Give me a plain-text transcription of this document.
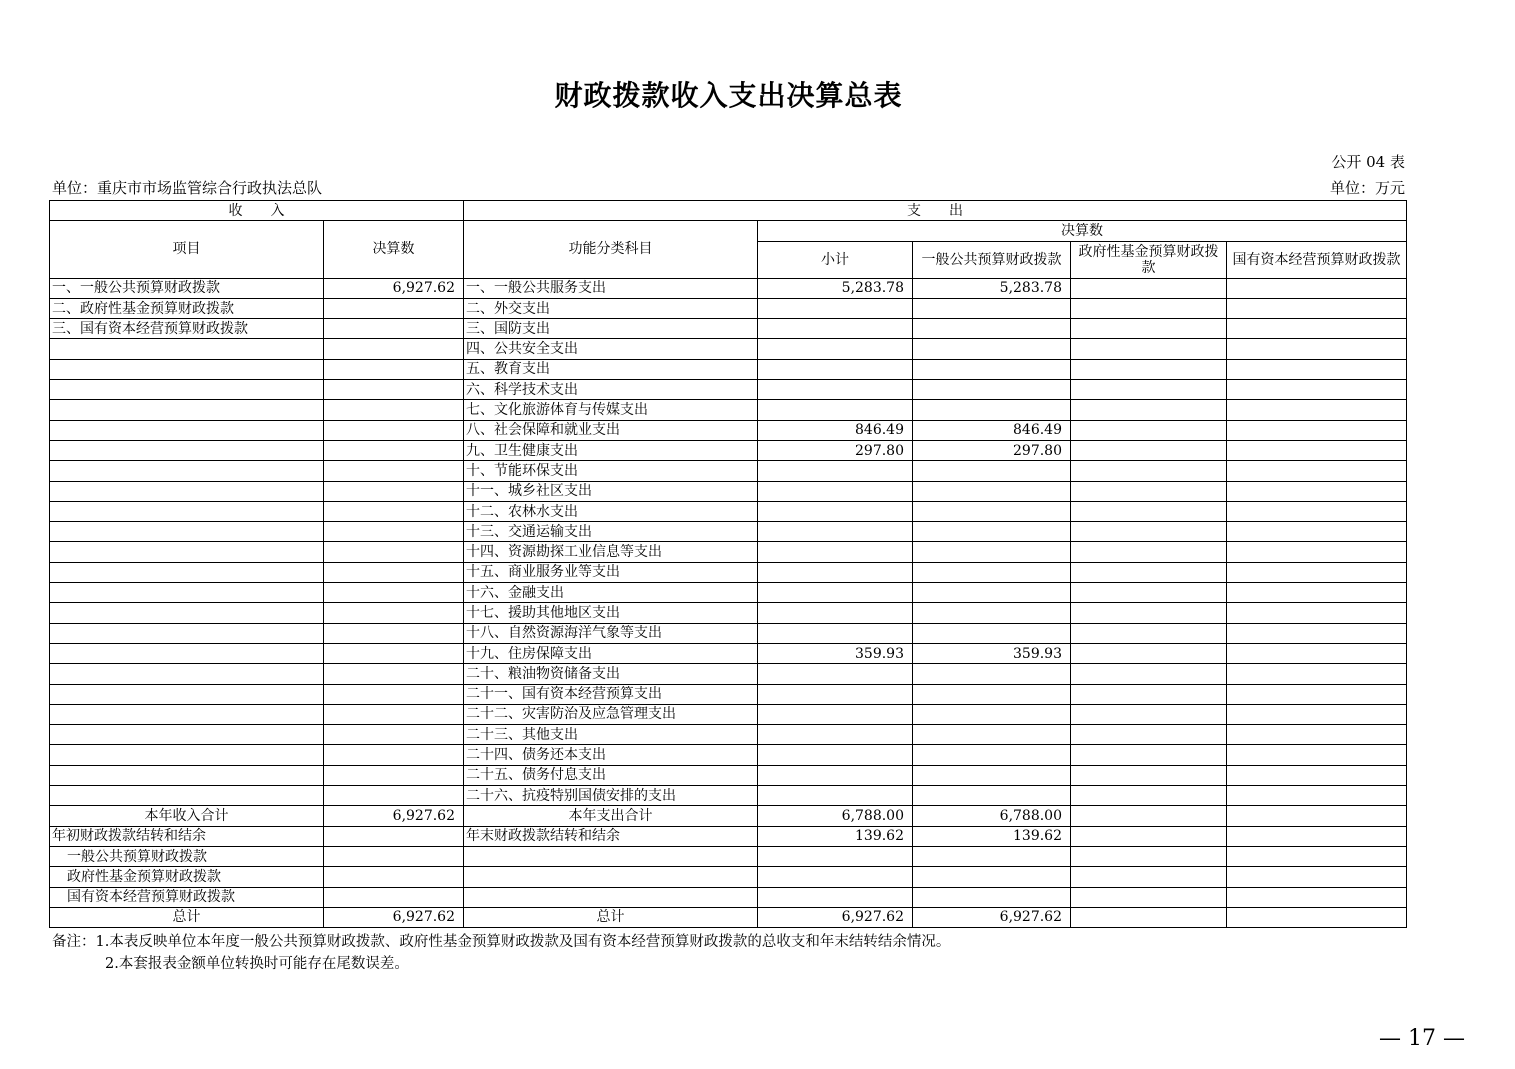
财政拨款收入支出决算总表
公开 04 表
单位：重庆市市场监管综合行政执法总队	单位：万元
收　　入		支　　出				
项目	决算数	功能分类科目	决算数			
			小计	一般公共预算财政拨款	政府性基金预算财政拨款	国有资本经营预算财政拨款
一、一般公共预算财政拨款	6,927.62	一、一般公共服务支出	5,283.78	5,283.78		
二、政府性基金预算财政拨款		二、外交支出				
三、国有资本经营预算财政拨款		三、国防支出				
		四、公共安全支出				
		五、教育支出				
		六、科学技术支出				
		七、文化旅游体育与传媒支出				
		八、社会保障和就业支出	846.49	846.49		
		九、卫生健康支出	297.80	297.80		
		十、节能环保支出				
		十一、城乡社区支出				
		十二、农林水支出				
		十三、交通运输支出				
		十四、资源勘探工业信息等支出				
		十五、商业服务业等支出				
		十六、金融支出				
		十七、援助其他地区支出				
		十八、自然资源海洋气象等支出				
		十九、住房保障支出	359.93	359.93		
		二十、粮油物资储备支出				
		二十一、国有资本经营预算支出				
		二十二、灾害防治及应急管理支出				
		二十三、其他支出				
		二十四、债务还本支出				
		二十五、债务付息支出				
		二十六、抗疫特别国债安排的支出				
本年收入合计	6,927.62	本年支出合计	6,788.00	6,788.00		
年初财政拨款结转和结余		年末财政拨款结转和结余	139.62	139.62		
一般公共预算财政拨款						
政府性基金预算财政拨款						
国有资本经营预算财政拨款						
总计	6,927.62	总计	6,927.62	6,927.62		
备注：1.本表反映单位本年度一般公共预算财政拨款、政府性基金预算财政拨款及国有资本经营预算财政拨款的总收支和年末结转结余情况。
2.本套报表金额单位转换时可能存在尾数误差。
— 17 —
